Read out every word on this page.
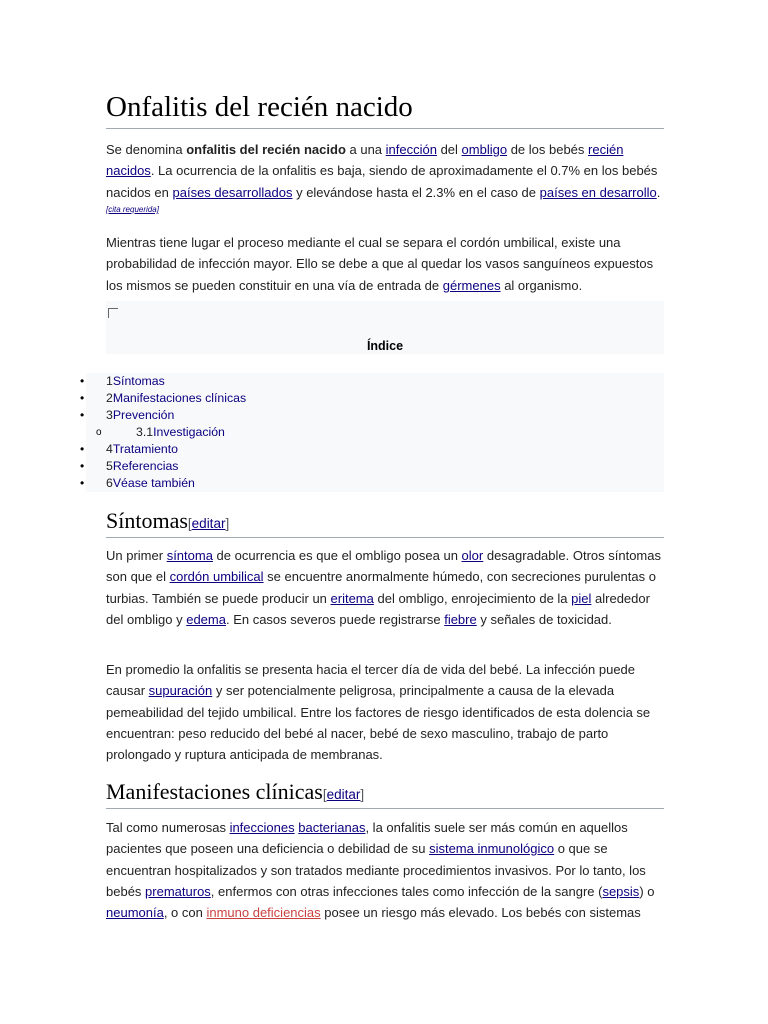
Onfalitis del recién nacido

Se denomina onfalitis del recién nacido a una infección del ombligo de los bebés recién nacidos. La ocurrencia de la onfalitis es baja, siendo de aproximadamente el 0.7% en los bebés nacidos en países desarrollados y elevándose hasta el 2.3% en el caso de países en desarrollo.[cita requerida]

Mientras tiene lugar el proceso mediante el cual se separa el cordón umbilical, existe una probabilidad de infección mayor. Ello se debe a que al quedar los vasos sanguíneos expuestos los mismos se pueden constituir en una vía de entrada de gérmenes al organismo.

Índice
• 1Síntomas
• 2Manifestaciones clínicas
• 3Prevención
o	3.1Investigación
• 4Tratamiento
• 5Referencias
• 6Véase también
Síntomas[editar]

Un primer síntoma de ocurrencia es que el ombligo posea un olor desagradable. Otros síntomas son que el cordón umbilical se encuentre anormalmente húmedo, con secreciones purulentas o turbias. También se puede producir un eritema del ombligo, enrojecimiento de la piel alrededor del ombligo y edema. En casos severos puede registrarse fiebre y señales de toxicidad.

En promedio la onfalitis se presenta hacia el tercer día de vida del bebé. La infección puede causar supuración y ser potencialmente peligrosa, principalmente a causa de la elevada pemeabilidad del tejido umbilical. Entre los factores de riesgo identificados de esta dolencia se encuentran: peso reducido del bebé al nacer, bebé de sexo masculino, trabajo de parto prolongado y ruptura anticipada de membranas.

Manifestaciones clínicas[editar]

Tal como numerosas infecciones bacterianas, la onfalitis suele ser más común en aquellos pacientes que poseen una deficiencia o debilidad de su sistema inmunológico o que se encuentran hospitalizados y son tratados mediante procedimientos invasivos. Por lo tanto, los bebés prematuros, enfermos con otras infecciones tales como infección de la sangre (sepsis) o neumonía, o con inmuno deficiencias posee un riesgo más elevado. Los bebés con sistemas
